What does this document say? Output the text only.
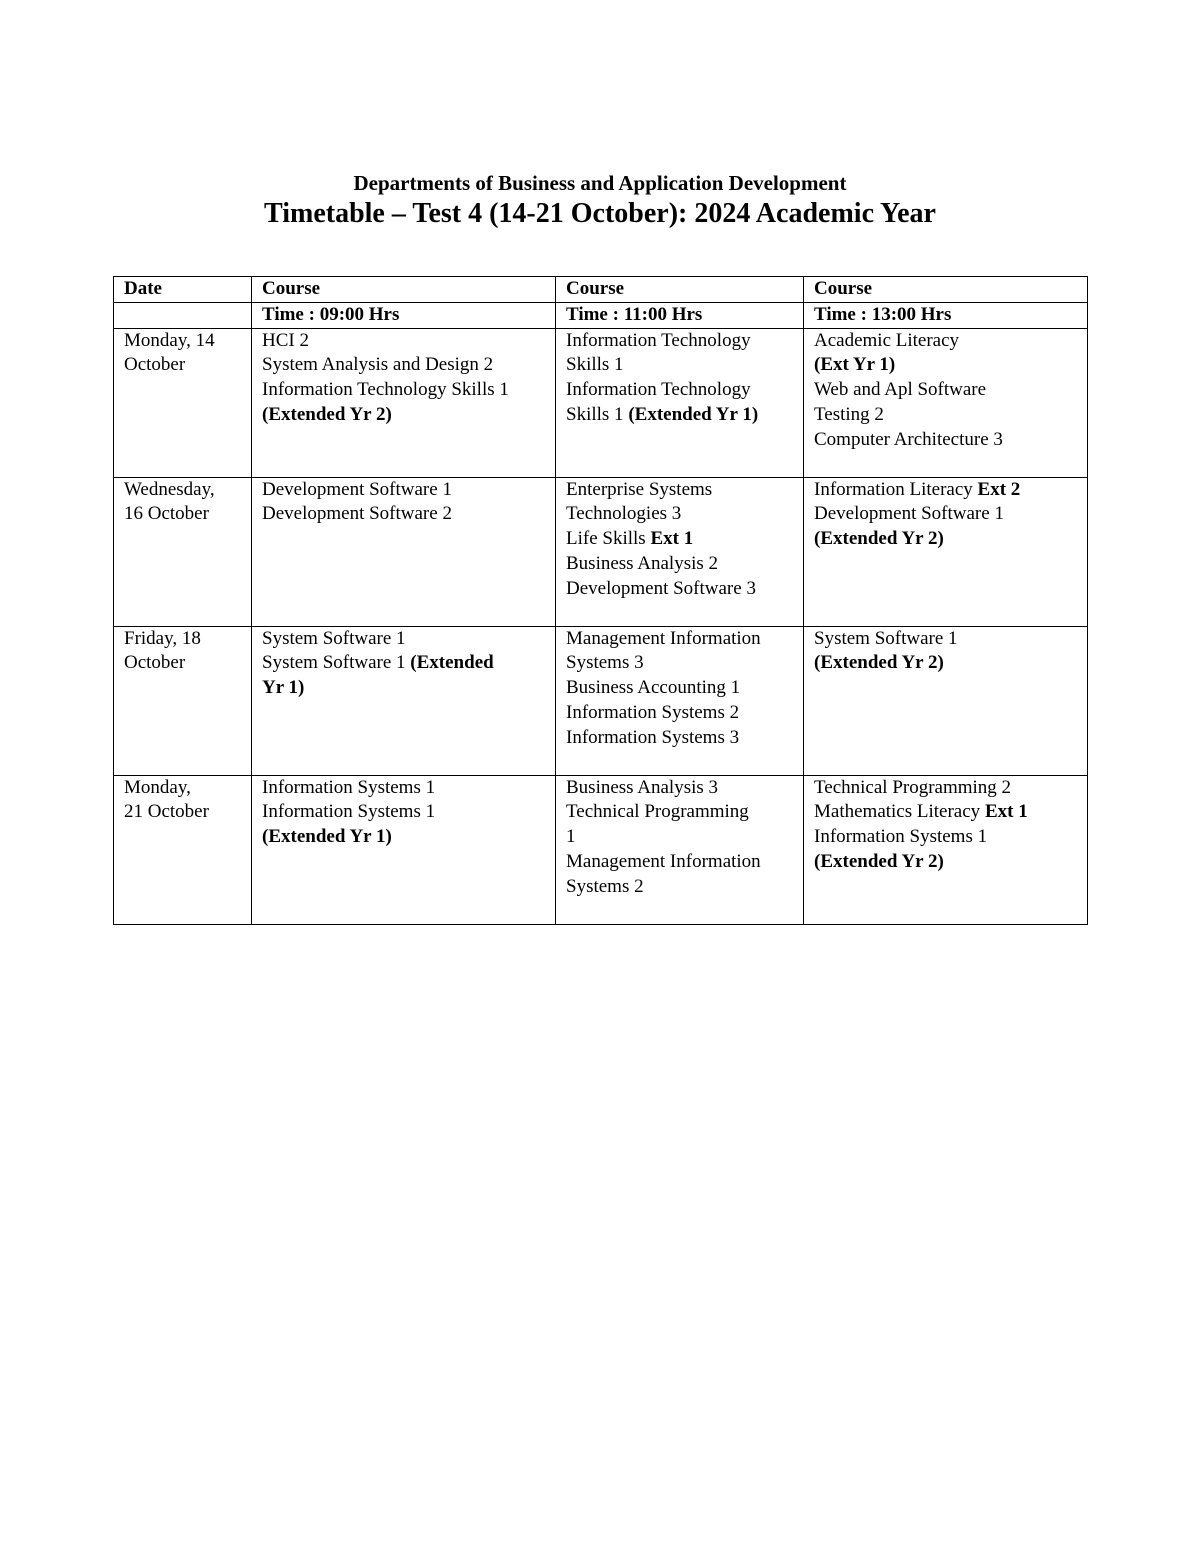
Departments of Business and Application Development
Timetable – Test 4 (14-21 October): 2024 Academic Year
Date	Course	Course	Course
	Time : 09:00 Hrs	Time : 11:00 Hrs	Time : 13:00 Hrs

Monday, 14
October	HCI 2
System Analysis and Design 2
Information Technology Skills 1
(Extended Yr 2)	Information Technology
Skills 1
Information Technology
Skills 1 (Extended Yr 1)	Academic Literacy
(Ext Yr 1)
Web and Apl Software
Testing 2
Computer Architecture 3

Wednesday,
16 October	Development Software 1
Development Software 2	Enterprise Systems
Technologies 3
Life Skills Ext 1
Business Analysis 2
Development Software 3	Information Literacy Ext 2
Development Software 1
(Extended Yr 2)

Friday, 18
October	System Software 1
System Software 1 (Extended
Yr 1)	Management Information
Systems 3
Business Accounting 1
Information Systems 2
Information Systems 3	System Software 1
(Extended Yr 2)

Monday,
21 October	Information Systems 1
Information Systems 1
(Extended Yr 1)	Business Analysis 3
Technical Programming
1
Management Information
Systems 2	Technical Programming 2
Mathematics Literacy Ext 1
Information Systems 1
(Extended Yr 2)
